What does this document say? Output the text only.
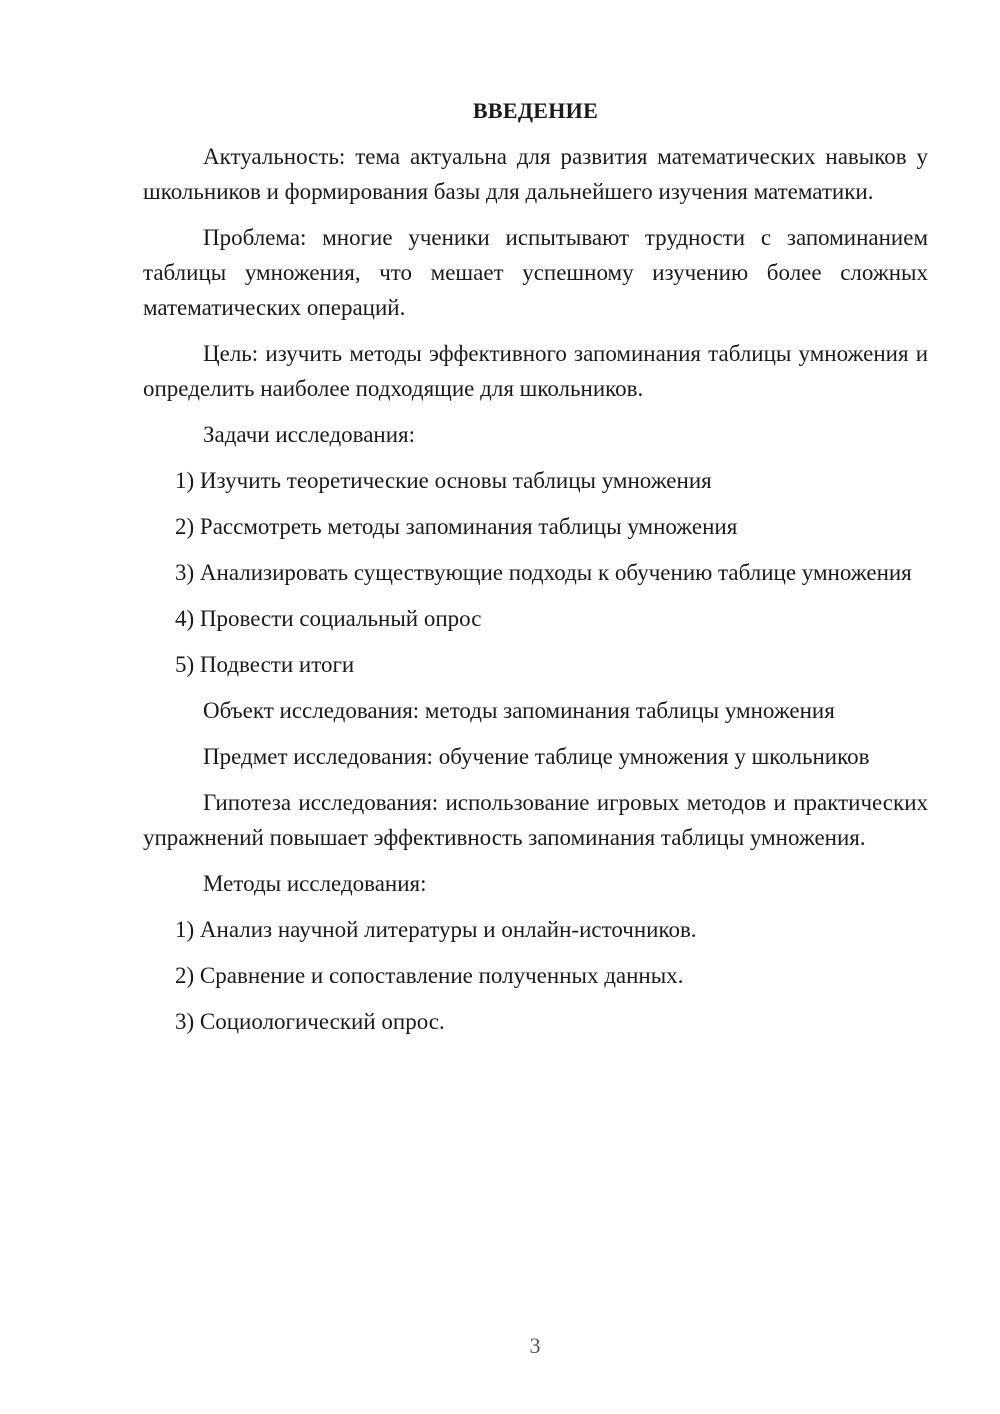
ВВЕДЕНИЕ

Актуальность: тема актуальна для развития математических навыков у школьников и формирования базы для дальнейшего изучения математики.

Проблема: многие ученики испытывают трудности с запоминанием таблицы умножения, что мешает успешному изучению более сложных математических операций.

Цель: изучить методы эффективного запоминания таблицы умножения и определить наиболее подходящие для школьников.

Задачи исследования:

1) Изучить теоретические основы таблицы умножения

2) Рассмотреть методы запоминания таблицы умножения

3) Анализировать существующие подходы к обучению таблице умножения

4) Провести социальный опрос

5) Подвести итоги

Объект исследования: методы запоминания таблицы умножения

Предмет исследования: обучение таблице умножения у школьников

Гипотеза исследования: использование игровых методов и практических упражнений повышает эффективность запоминания таблицы умножения.

Методы исследования:

1) Анализ научной литературы и онлайн-источников.

2) Сравнение и сопоставление полученных данных.

3) Социологический опрос.

3
